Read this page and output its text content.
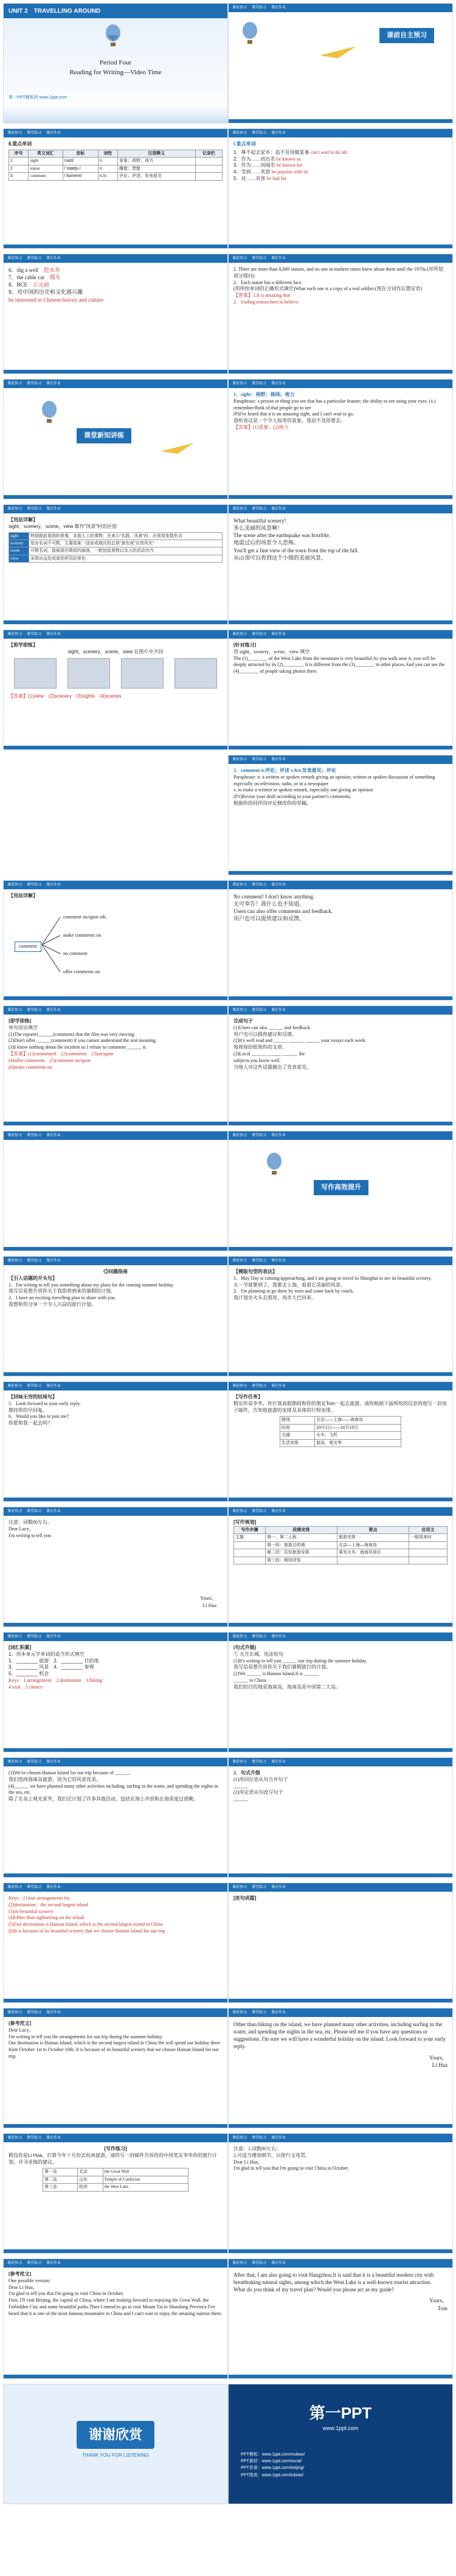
UNIT 2　TRAVELLING AROUND
Period Four
Reading for Writing—Video Time
第一PPT模板网 www.1ppt.com
课前预习 课堂练习 课后作业
课前自主预习
课前预习 课堂练习 课后作业
Ⅱ.重点单词
序号	英文词汇	音标	词性	汉语释义	记录栏
1	sight	/saɪt/	n.	景象；视野；视力	
2	statue	/ˈstætʃuː/	n.	雕像；塑像	
3	comment	/ˈkɒment/	n./v.	评论；评述；发表意见	
课前预习 课堂练习 课后作业
Ⅰ.重点单词
1．尊不起去家乡：追不及待做某事 can't wait to do sth.
2．作为……而出名 be known as
3．作为……而闻名 be known for
4．受到……欢迎 be popular with sb.
5．对……有害 be bad for
课前预习 课堂练习 课后作业
6．dig a well　 挖水井
7．the cable car　 缆车
8．BCE　 公元前
9．对中国的历史和文化感兴趣
be interested in Chinese history and culture
课前预习 课堂练习 课后作业
2. There are more than 8,000 statues, and no one in modern times knew about them until the 1970s.(对所划部分提问)
2．Each statue has a different face.
(用所给单词的正确形式填空)What each one is a copy of a real soldier.(现在分词作后置定语)
【答案】1.It is amazing that
2．leading researchers to believe
课前预习 课堂练习 课后作业
课堂新知讲练
课前预习 课堂练习 课后作业
1．sight：视野；视线；视力
Paraphrase: a person or thing you see that has a particular feature; the ability to see using your eyes. (v.) remember/think of that people go to see
(P)I've heard that it is an amazing sight, and I can't wait to go.
我听说这是一个令人惊奇的景象，我迫不及待想去。
【答案】(1)景象；(2)视力
课前预习 课堂练习 课后作业
【用法详解】
sight，scenery，scene，view 都作"风景"时的区别
sight	特指眼前看到的景观，多指人工的事物；在表示"名胜、风景"时，必须用复数形式
scenery	是由名词不可数，主要指某一国家或地区的总体"景色或"自然风光"
scene	可数名词，指展现在眼前的画面，一般包括景物以及人的活动在内
view	多指从远处或高处所见的景色
课前预习 课堂练习 课后作业
What beautiful scenery!
多么美丽的风景啊！
The scene after the earthquake was horrible.
地震过后的场景令人恐怖。
You'll get a fine view of the town from the top of the hill.
从山顶可以看到这个小镇的美丽风景。
课前预习 课堂练习 课后作业
【即学即练】
sight，scenery，scene，view 在图片中不同
【答案】(1)view　(2)scenery　(3)sights　(4)scenes
课前预习 课堂练习 课后作业
[针对练习]
用 sight，scenery，scene，view 填空
The (1)________ of the West Lake from the mountain is very beautiful.As you walk near it, you will be deeply attracted by its (2)________. It is different from the (3)________ in other places.And you can see the (4)________ of people taking photos there.
课前预习 课堂练习 课后作业
2．comment n.评论；评述 v.&n.发表意见；评论
Paraphrase: n. a written or spoken remark giving an opinion; written or spoken discussion of something especially on television, radio, or in a newspaper
v. to make a written or spoken remark, especially one giving an opinion
(P1)Revise your draft according to your partner's comments.
根据你的同伴的评论修改你的草稿。
课前预习 课堂练习 课后作业
【用法详解】
comment
comment on/upon sth.
make comments on
no comment
offer comments on
课前预习 课堂练习 课后作业
No comment! I don't know anything.
无可奉告！我什么也不知道。
Users can also offer comments and feedback.
用户也可以提供建议和反馈。
课前预习 课堂练习 课后作业
[即学即练]
单句语法填空
(1)The reporter______(comment) that the film was very moving.
(2)Don't offer ______(comment) if you cannot understand the real meaning.
(3)I know nothing about the incident so I refuse to comment ______ it.
【答案】(1)commented　(2)comments　(3)on/upon
(4)offer comments　(5)comment on/upon
(6)make comments on
课前预习 课堂练习 课后作业
完成句子
(1)Users can also ______ and feedback.
用户也可以提供建议和反馈。
(2)It's well read and ______ ______ ______ your essays each week.
每周每份批阅你的文章。
(3)Local ______ ______ ______ the
subjects.you know well.
当地人对这些话题做出了发表意见。
课前预习 课堂练习 课后作业	课前预习 课堂练习 课后作业
写作高效提升
课前预习 课堂练习 课后作业
◎问题指南
【引入话题的开头句】
1．I'm writing to tell you something about my plans for the coming summer holiday.
我写信是想告诉你关于我即将到来的暑假的计划。
2．I have an exciting travelling plan to share with you.
我想和你分享一个令人兴奋的旅行计划。
课前预习 课堂练习 课后作业
【模版句型的表达】
1．May Day is coming/approaching, and I am going to travel to Shanghai to see its beautiful scenery.
五一节就要到了，我要去上海，看看它美丽的风景。
2．I'm planning to go there by train and come back by coach.
我计划坐火车去那里，再坐大巴回来。
课前预习 课堂练习 课后作业
【回味无穷的结尾句】
5．Look forward to your early reply.
期待你的早回复。
6．Would you like to join me?
你愿和我一起去吗？
课前预习 课堂练习 课后作业
【写作任务】
假定你是李华，你打算高假期间和你的朋友Tom一起去旅游。请你根据下面所给的信息给他写一封电子邮件，告知他旅游的安排及具体的行程安排。
路线	北京——上海——海南岛
时间	10月1日——10月10日
交通	火车、飞机
生活安排	游泳、观光等
课前预习 课堂练习 课后作业
注意：词数80左右。
Dear Lucy，
I'm writing to tell you
Yours，
Li Hua
课前预习 课堂练习 课后作业
[写作规划]
写作步骤	段落安排	要点	应用文
主题	第一、第二人称	旅游安排	一般将来时
	第一段：旅游目的地	北京—上海—海南岛	
	第二段：告知旅游安排	乘坐火车，海南风景区	
	第三段：期待回复		
课前预习 课堂练习 课后作业
[词汇积累]
1．用本单元学单词的适当形式填空
1．________ 旅游　 2．________ 目的地
3．________ 风景　 4．________ 参观
5．________ 机会
Keys：1.arrangement　2.destination　3.hiking
4.visit　5.chance
课前预习 课堂练习 课后作业
[句式升级]
① 五月长城，连法短句
(1)It's writing to tell you ______ our trip during the summer holiday.
我写信是想告诉你关于我们暑假旅行的计划。
(2)We ______ is Hainan Island.It is ______
______ in China.
我们的目的地是海南岛，海南岛是中国第二大岛。
课前预习 课堂练习 课后作业
(3)We've chosen Hainan Island for our trip because of ______.
我们选择海南岛旅游，因为它的风景优美。
(4)______ we have planned many other activities including, surfing in the water, and spending the nights in the sea, etc.
除了在岛上观光景外，我们还计划了许多其他活动，包括在海上冲浪和在海里度过夜晚。
课前预习 课堂练习 课后作业
2．句式升级
(1)用同位语从句合并句子
______
(2)用定语从句改写句子
______
课前预习 课堂练习 课后作业
Keys：(1)our arrangements for
(2)destination；the second largest island
(3)its beautiful scenery
(4)Other than sightseeing on the island
(5)Our destination is Hainan Island, which is the second largest island in China
(6)It is because of its beautiful scenery that we choose Hainan Island for our trip.
课前预习 课堂练习 课后作业
[连句成篇]
课前预习 课堂练习 课后作业
[参考范文]
Dear Lucy，
I'm writing to tell you the arrangements for our trip during the summer holiday.
Our destination is Hainan Island, which is the second largest island in China.We will spend our holiday there from October 1st to October 10th. It is because of its beautiful scenery that we choose Hainan Island for our trip.
课前预习 课堂练习 课后作业
Other than hiking on the island, we have planned many other activities, including surfing in the water, and spending the nights in the sea, etc. Please tell me if you have any questions or suggestions. I'm sure we will have a wonderful holiday on the island. Look forward to your early reply.
Yours，
Li Hua
课前预习 课堂练习 课后作业
[写作练习]
假设你是Li Hua，打算今年十月份去杭州旅游，请你写一封邮件告诉你的中国笔友李华你的旅行计划，并寻求他的建议。
第一站	北京	the Great Wall
第二站	山东	Temple of Confucius
第三站	杭州	the West Lake
课前预习 课堂练习 课后作业
注意：1.词数80左右；
2.可适当增加细节，以使行文连贯。
Dear Li Hua，
I'm glad to tell you that I'm going to visit China in October.
课前预习 课堂练习 课后作业
[参考范文]
One possible version：
Dear Li Hua，
I'm glad to tell you that I'm going to visit China in October.
First, I'll visit Beijing, the capital of China, where I am looking forward to enjoying the Great Wall, the Forbidden City and some beautiful parks.Then I intend to go to visit Mount Tai in Shandong Province.I've heard that it is one of the most famous mountains in China and I can't wait to enjoy the amazing sunrise there.
课前预习 课堂练习 课后作业
After that, I am also going to visit Hangzhou.It is said that it is a beautiful modern city with breathtaking natural sights, among which the West Lake is a well-known tourist attraction.
What do you think of my travel plan? Would you please act as my guide?
Yours，
Tom
谢谢欣赏
THANK YOU FOR LISTENING
第一PPT
www.1ppt.com
PPT模板：www.1ppt.com/moban/
PPT素材：www.1ppt.com/sucai/
PPT背景：www.1ppt.com/beijing/
PPT图表：www.1ppt.com/tubiao/
